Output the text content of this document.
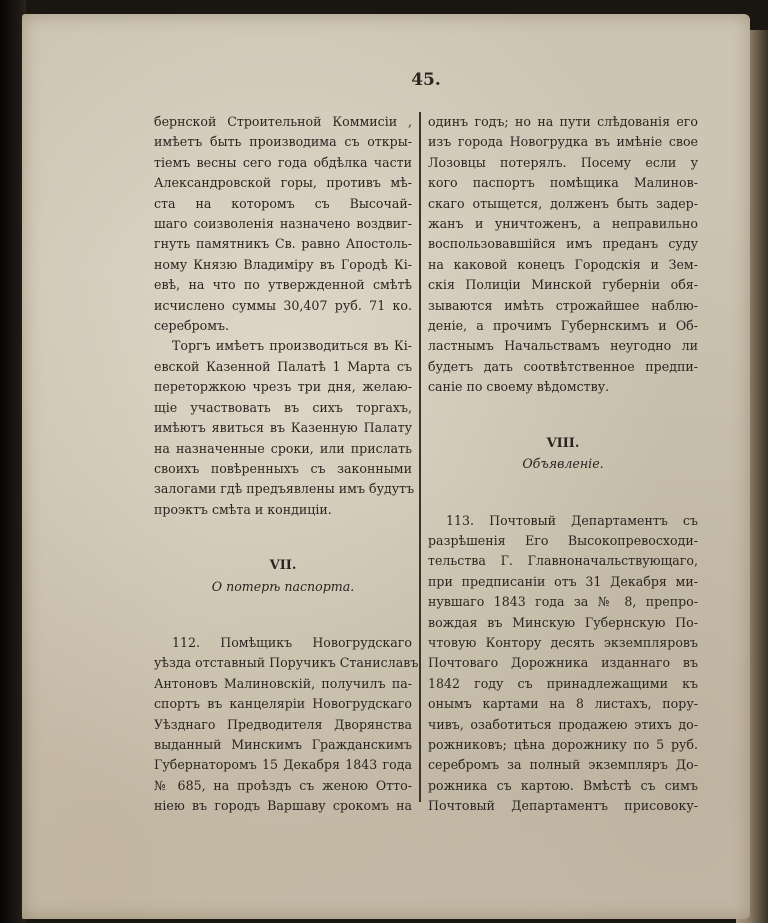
45.
бернской Строительной Коммисіи ,
имѣетъ быть производима съ откры-
тіемъ весны сего года обдѣлка части
Александровской горы, противъ мѣ-
ста на которомъ съ Высочай-
шаго соизволенія назначено воздвиг-
гнуть памятникъ Св. равно Апостоль-
ному Князю Владиміру въ Городѣ Кі-
евѣ, на что по утвержденной смѣтѣ
исчислено суммы 30,407 руб. 71 ко.
серебромъ.
Торгъ имѣетъ производиться въ Кі-
евской Казенной Палатѣ 1 Марта съ
переторжкою чрезъ три дня, желаю-
щіе участвовать въ сихъ торгахъ,
имѣютъ явиться въ Казенную Палату
на назначенные сроки, или прислать
своихъ повѣренныхъ съ законными
залогами гдѣ предъявлены имъ будутъ
проэктъ смѣта и кондиціи.
VII.
О потерѣ паспорта.
112. Помѣщикъ Новогрудскаго
уѣзда отставный Поручикъ Станиславъ
Антоновъ Малиновскій, получилъ па-
спортъ въ канцеляріи Новогрудскаго
Уѣзднаго Предводителя Дворянства
выданный Минскимъ Гражданскимъ
Губернаторомъ 15 Декабря 1843 года
№ 685, на проѣздъ съ женою Отто-
ніею въ городъ Варшаву срокомъ на
одинъ годъ; но на пути слѣдованія его
изъ города Новогрудка въ имѣніе свое
Лозовцы потерялъ. Посему если у
кого паспортъ помѣщика Малинов-
скаго отыщется, долженъ быть задер-
жанъ и уничтоженъ, а неправильно
воспользовавшійся имъ преданъ суду
на каковой конецъ Городскія и Зем-
скія Полиціи Минской губерніи обя-
зываются имѣть строжайшее наблю-
деніе, а прочимъ Губернскимъ и Об-
ластнымъ Начальствамъ неугодно ли
будетъ дать соотвѣтственное предпи-
саніе по своему вѣдомству.
VIII.
Объявленіе.
113. Почтовый Департаментъ съ
разрѣшенія Его Высокопревосходи-
тельства Г. Главноначальствующаго,
при предписаніи отъ 31 Декабря ми-
нувшаго 1843 года за № 8, препро-
вождая въ Минскую Губернскую По-
чтовую Контору десять экземпляровъ
Почтоваго Дорожника изданнаго въ
1842 году съ принадлежащими къ
онымъ картами на 8 листахъ, пору-
чивъ, озаботиться продажею этихъ до-
рожниковъ; цѣна дорожнику по 5 руб.
серебромъ за полный экземпляръ До-
рожника съ картою. Вмѣстѣ съ симъ
Почтовый Департаментъ присовоку-
